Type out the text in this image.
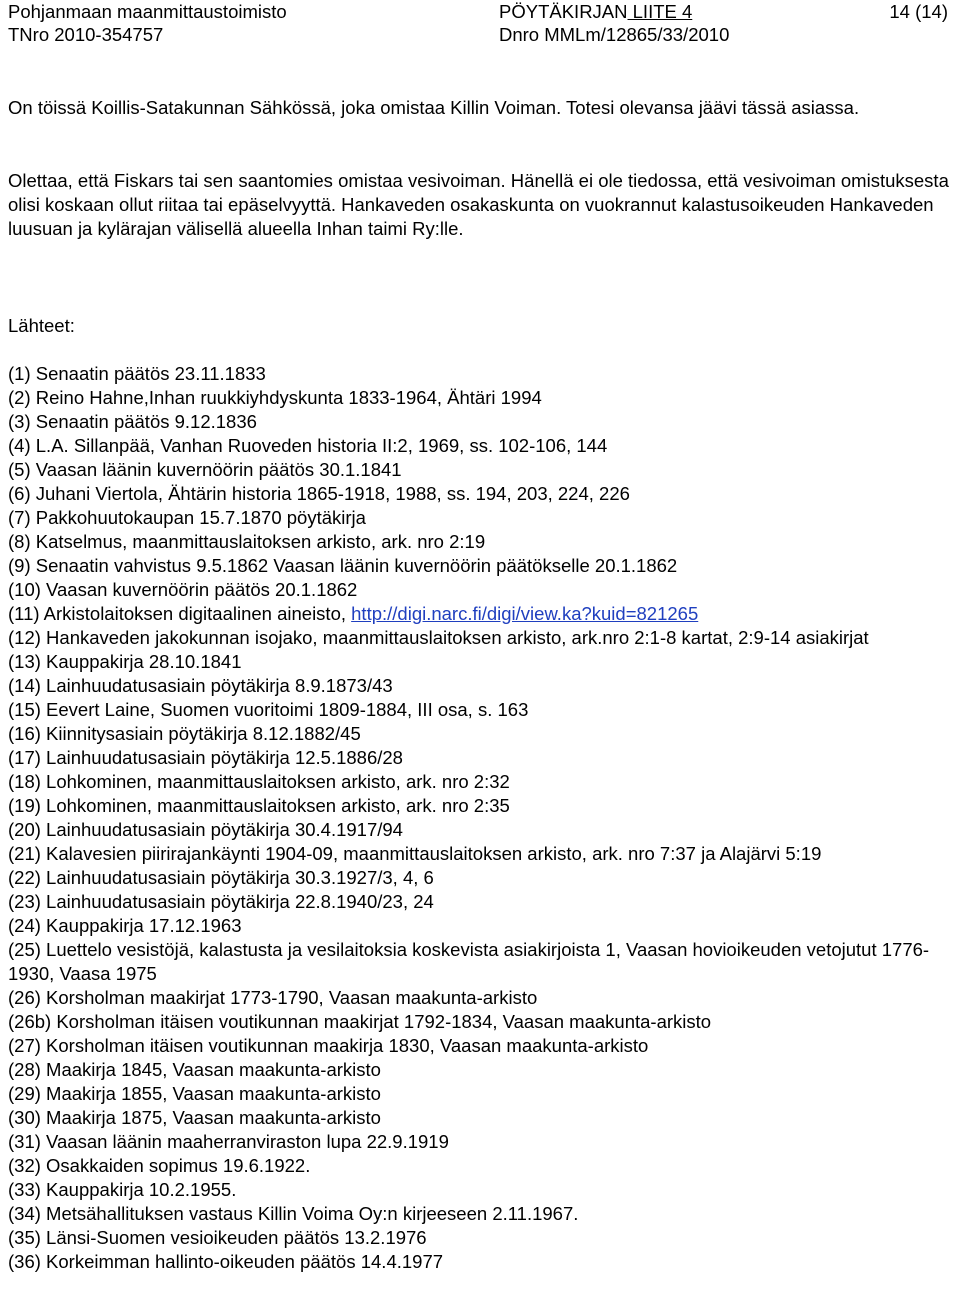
Pohjanmaan maanmittaustoimisto	PÖYTÄKIRJAN LIITE 4	14 (14)
TNro 2010-354757	Dnro MMLm/12865/33/2010

On töissä Koillis-Satakunnan Sähkössä, joka omistaa Killin Voiman. Totesi olevansa jäävi tässä asiassa.

Olettaa, että Fiskars tai sen saantomies omistaa vesivoiman. Hänellä ei ole tiedossa, että vesivoiman omistuksesta olisi koskaan ollut riitaa tai epäselvyyttä. Hankaveden osakaskunta on vuokrannut kalastusoikeuden Hankaveden luusuan ja kylärajan välisellä alueella Inhan taimi Ry:lle.

Lähteet:

(1) Senaatin päätös 23.11.1833
(2) Reino Hahne,Inhan ruukkiyhdyskunta 1833-1964, Ähtäri 1994
(3) Senaatin päätös 9.12.1836
(4) L.A. Sillanpää, Vanhan Ruoveden historia II:2, 1969, ss. 102-106, 144
(5) Vaasan läänin kuvernöörin päätös 30.1.1841
(6) Juhani Viertola, Ähtärin historia 1865-1918, 1988, ss. 194, 203, 224, 226
(7) Pakkohuutokaupan 15.7.1870 pöytäkirja
(8) Katselmus, maanmittauslaitoksen arkisto, ark. nro 2:19
(9) Senaatin vahvistus 9.5.1862 Vaasan läänin kuvernöörin päätökselle 20.1.1862
(10) Vaasan kuvernöörin päätös 20.1.1862
(11) Arkistolaitoksen digitaalinen aineisto, http://digi.narc.fi/digi/view.ka?kuid=821265
(12) Hankaveden jakokunnan isojako, maanmittauslaitoksen arkisto, ark.nro 2:1-8 kartat, 2:9-14 asiakirjat
(13) Kauppakirja 28.10.1841
(14) Lainhuudatusasiain pöytäkirja 8.9.1873/43
(15) Eevert Laine, Suomen vuoritoimi 1809-1884, III osa, s. 163
(16) Kiinnitysasiain pöytäkirja 8.12.1882/45
(17) Lainhuudatusasiain pöytäkirja 12.5.1886/28
(18) Lohkominen, maanmittauslaitoksen arkisto, ark. nro 2:32
(19) Lohkominen, maanmittauslaitoksen arkisto, ark. nro 2:35
(20) Lainhuudatusasiain pöytäkirja 30.4.1917/94
(21) Kalavesien piirirajankäynti 1904-09, maanmittauslaitoksen arkisto, ark. nro 7:37 ja Alajärvi 5:19
(22) Lainhuudatusasiain pöytäkirja 30.3.1927/3, 4, 6
(23) Lainhuudatusasiain pöytäkirja 22.8.1940/23, 24
(24) Kauppakirja 17.12.1963
(25) Luettelo vesistöjä, kalastusta ja vesilaitoksia koskevista asiakirjoista 1, Vaasan hovioikeuden vetojutut 1776-1930, Vaasa 1975
(26) Korsholman maakirjat 1773-1790, Vaasan maakunta-arkisto
(26b) Korsholman itäisen voutikunnan maakirjat 1792-1834, Vaasan maakunta-arkisto
(27) Korsholman itäisen voutikunnan maakirja 1830, Vaasan maakunta-arkisto
(28) Maakirja 1845, Vaasan maakunta-arkisto
(29) Maakirja 1855, Vaasan maakunta-arkisto
(30) Maakirja 1875, Vaasan maakunta-arkisto
(31) Vaasan läänin maaherranviraston lupa 22.9.1919
(32) Osakkaiden sopimus 19.6.1922.
(33) Kauppakirja 10.2.1955.
(34) Metsähallituksen vastaus Killin Voima Oy:n kirjeeseen 2.11.1967.
(35) Länsi-Suomen vesioikeuden päätös 13.2.1976
(36) Korkeimman hallinto-oikeuden päätös 14.4.1977
